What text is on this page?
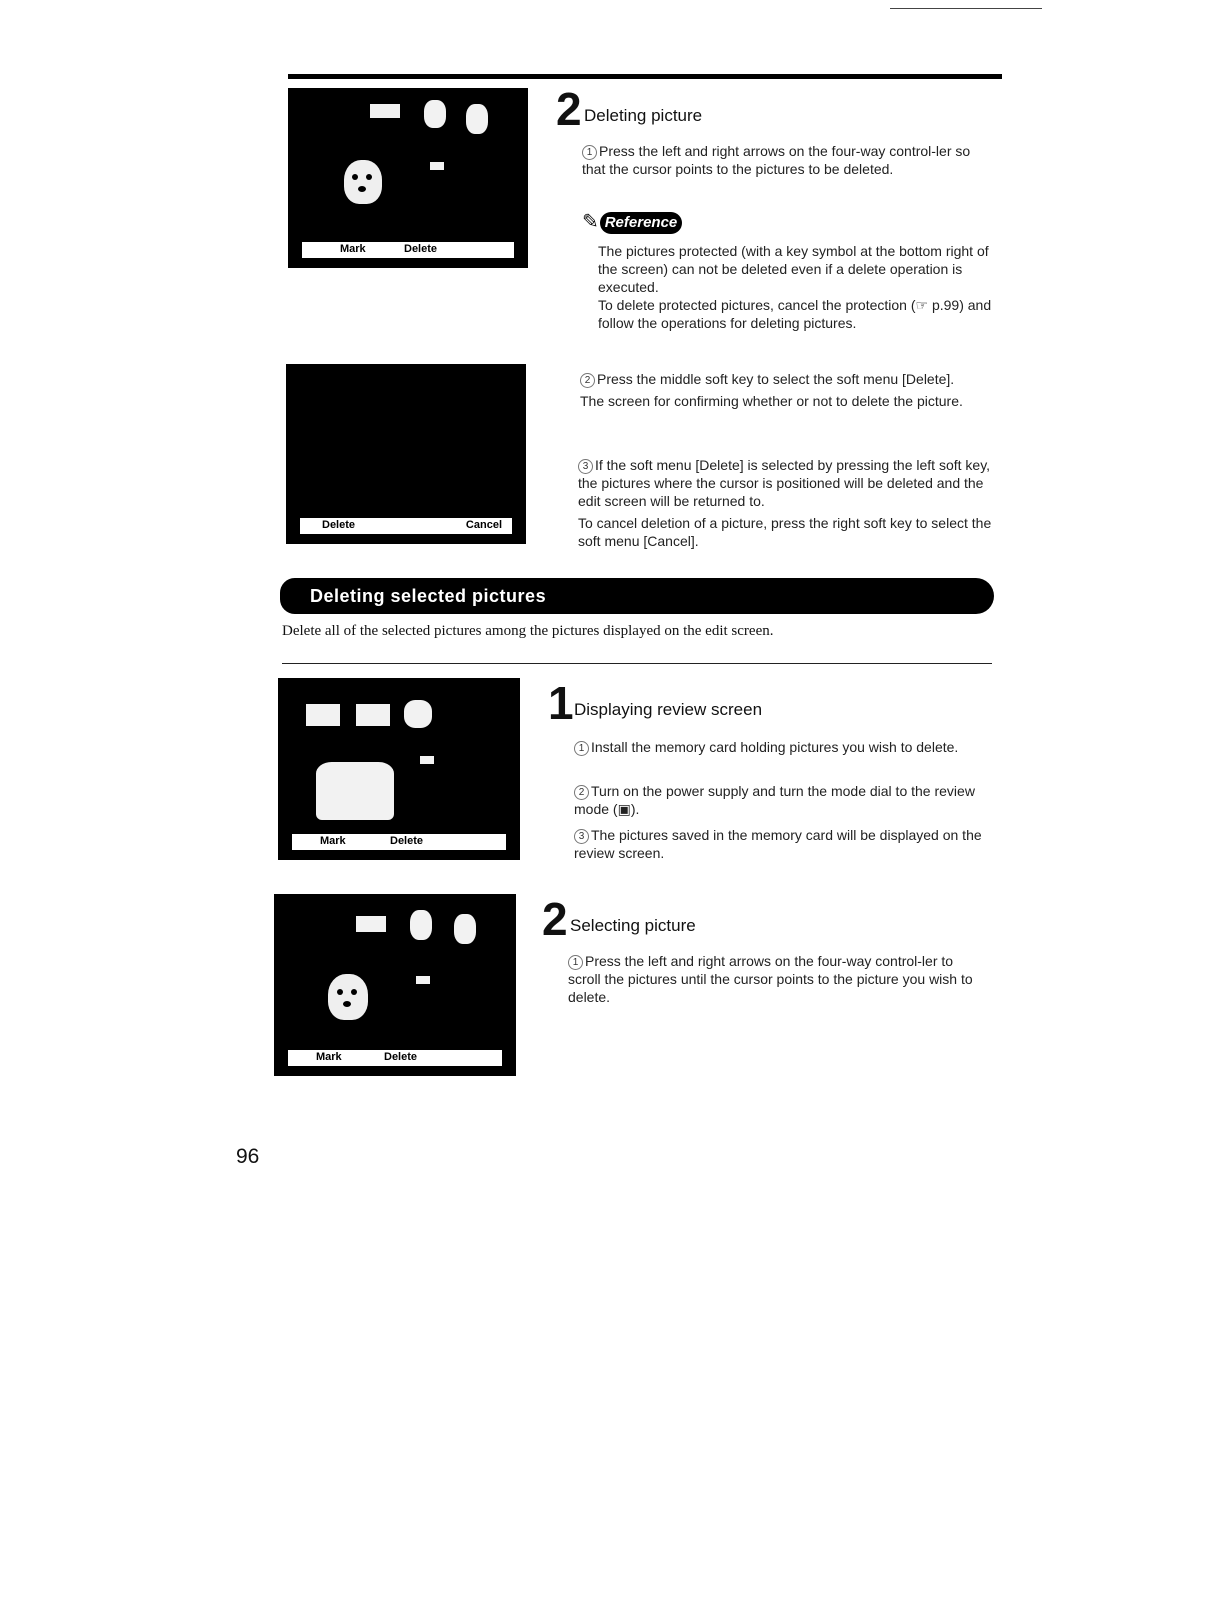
Mark	Delete
Delete	Cancel
2 Deleting picture
1 Press the left and right arrows on the four-way control-ler so that the cursor points to the pictures to be deleted.
✎ Reference
The pictures protected (with a key symbol at the bottom right of the screen) can not be deleted even if a delete operation is executed.
To delete protected pictures, cancel the protection (☞ p.99) and follow the operations for deleting pictures.
2 Press the middle soft key to select the soft menu [Delete].
The screen for confirming whether or not to delete the picture.
3 If the soft menu [Delete] is selected by pressing the left soft key, the pictures where the cursor is positioned will be deleted and the edit screen will be returned to.
To cancel deletion of a picture, press the right soft key to select the soft menu [Cancel].
Deleting selected pictures
Delete all of the selected pictures among the pictures displayed on the edit screen.
Mark	Delete
1 Displaying review screen
1 Install the memory card holding pictures you wish to delete.
2 Turn on the power supply and turn the mode dial to the review mode (▣).
3 The pictures saved in the memory card will be displayed on the review screen.
Mark	Delete
2 Selecting picture
1 Press the left and right arrows on the four-way control-ler to scroll the pictures until the cursor points to the picture you wish to delete.
96
